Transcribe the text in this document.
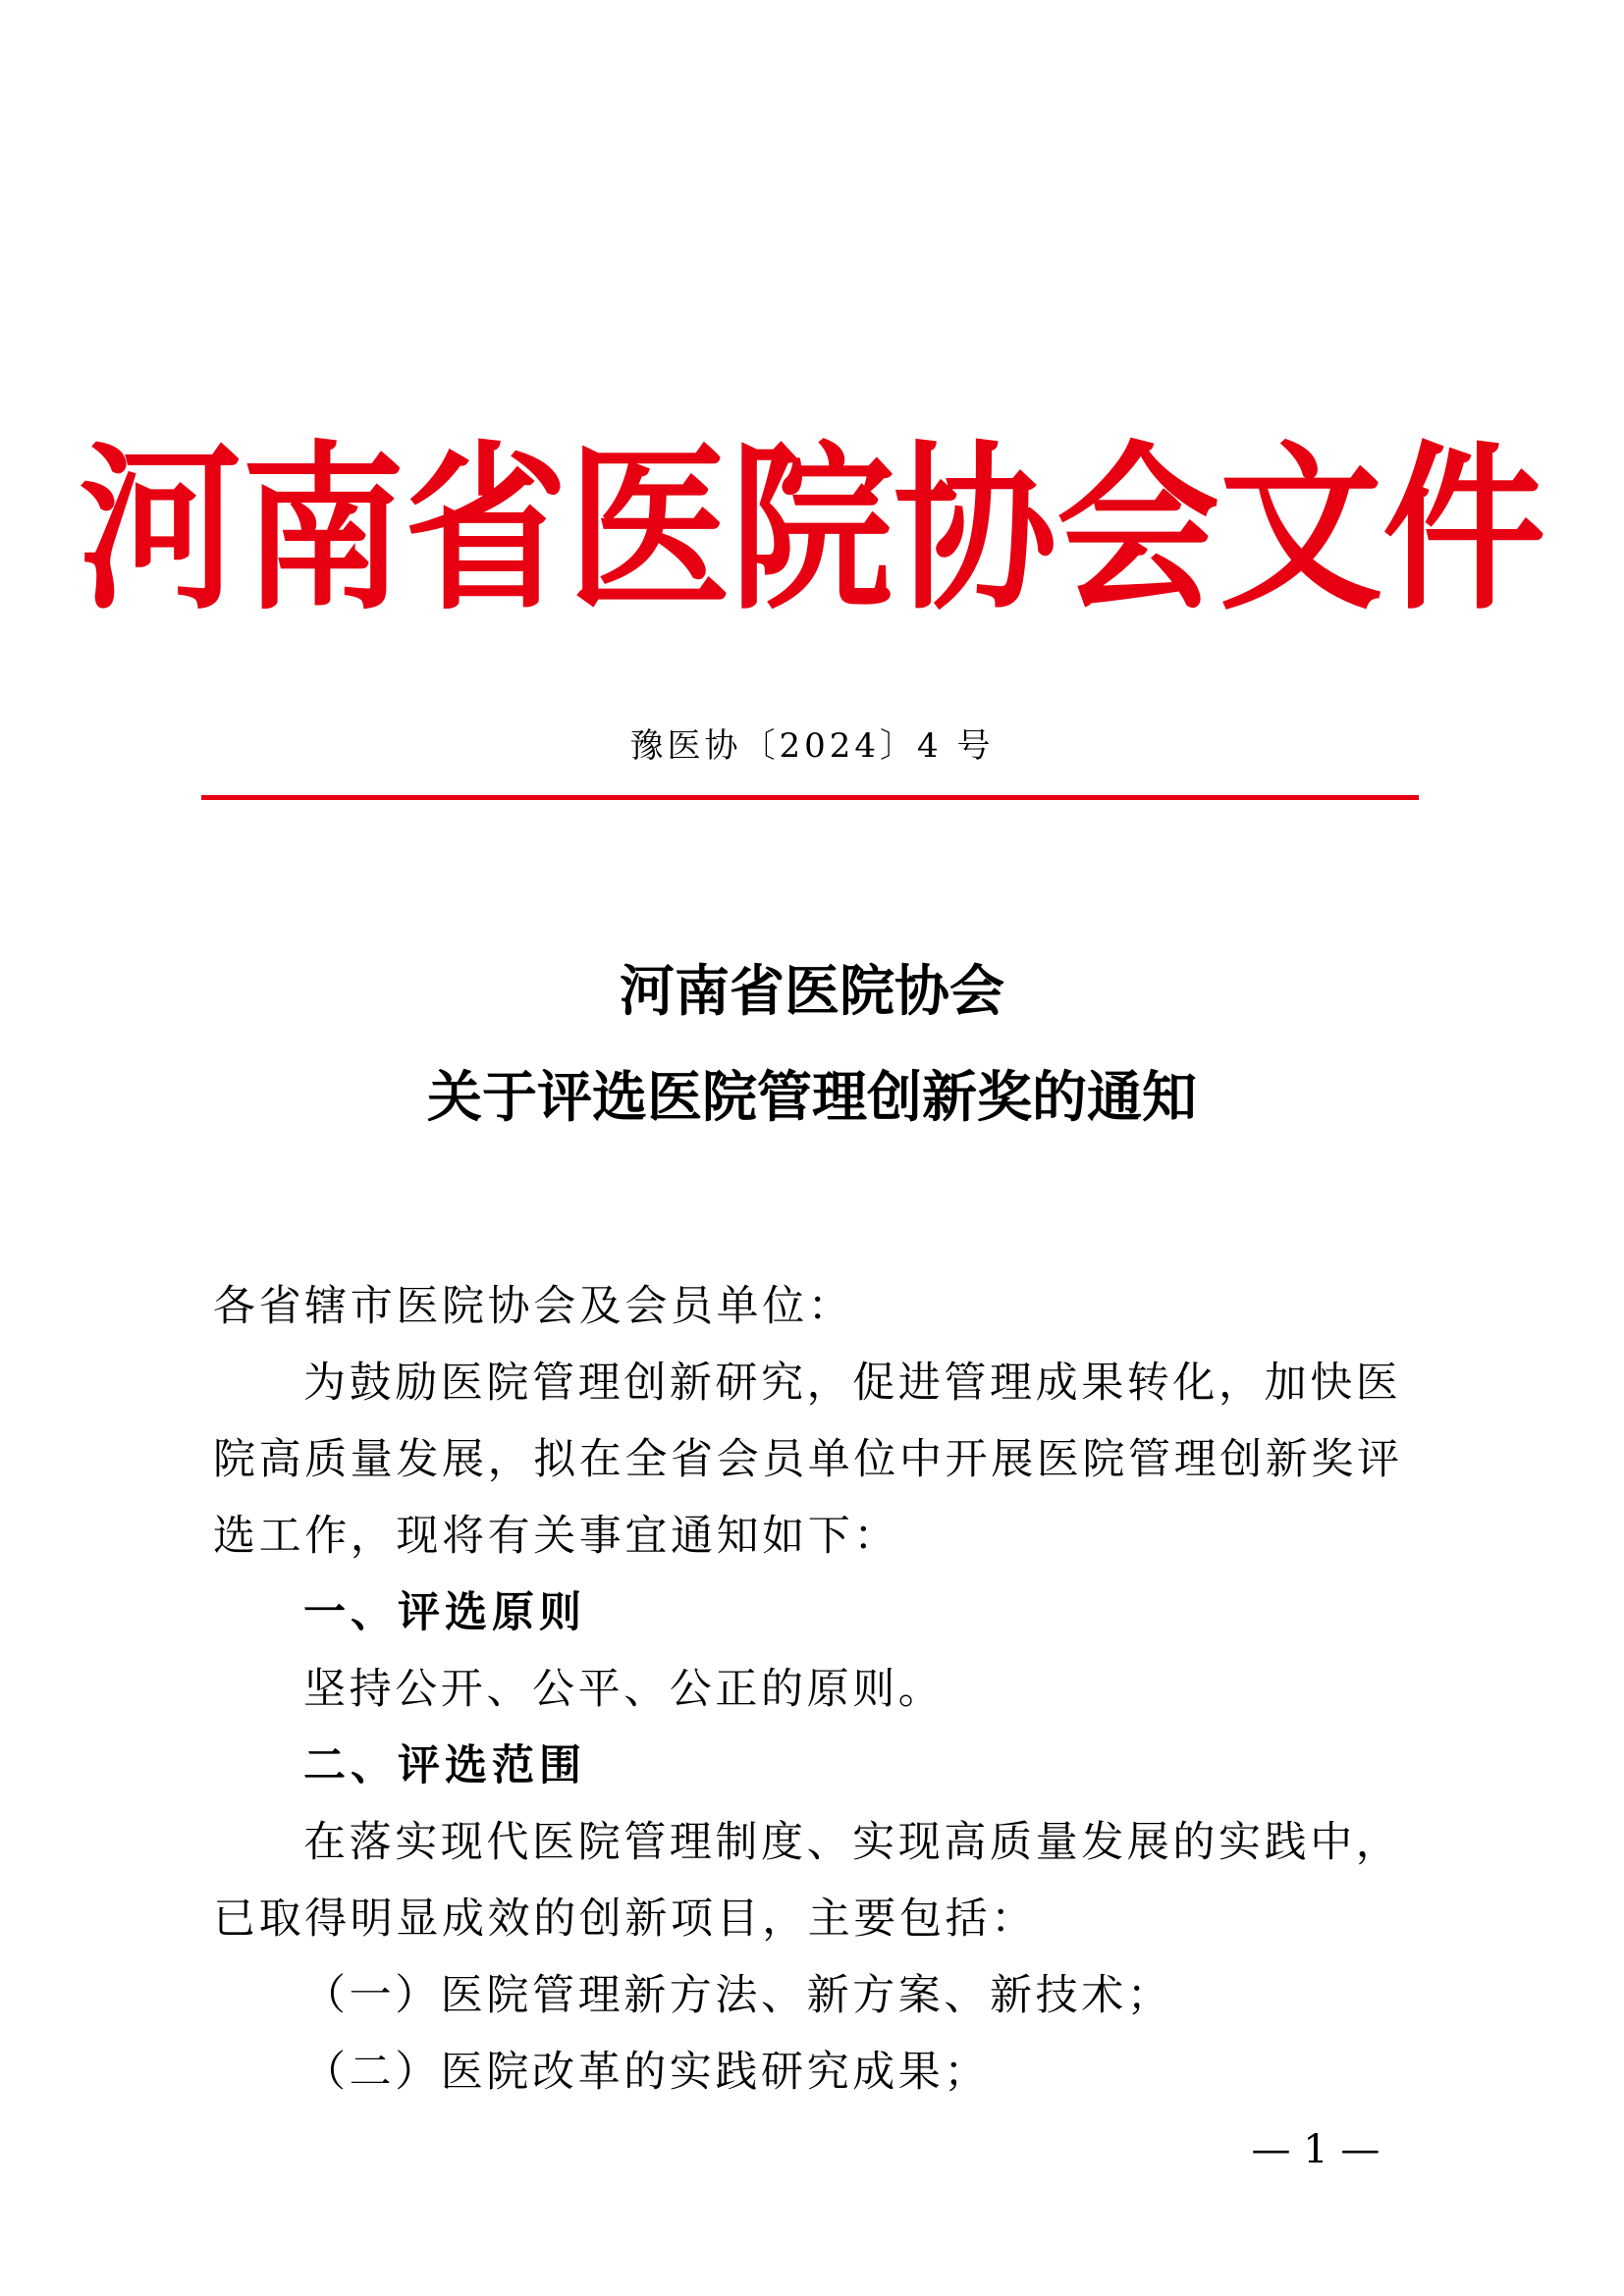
河南省医院协会文件
豫医协〔2024〕4 号
河南省医院协会
关于评选医院管理创新奖的通知

各省辖市医院协会及会员单位：

为鼓励医院管理创新研究，促进管理成果转化，加快医院高质量发展，拟在全省会员单位中开展医院管理创新奖评选工作，现将有关事宜通知如下：

一、评选原则

坚持公开、公平、公正的原则。

二、评选范围

在落实现代医院管理制度、实现高质量发展的实践中，已取得明显成效的创新项目，主要包括：

（一）医院管理新方法、新方案、新技术；

（二）医院改革的实践研究成果；

— 1 —
